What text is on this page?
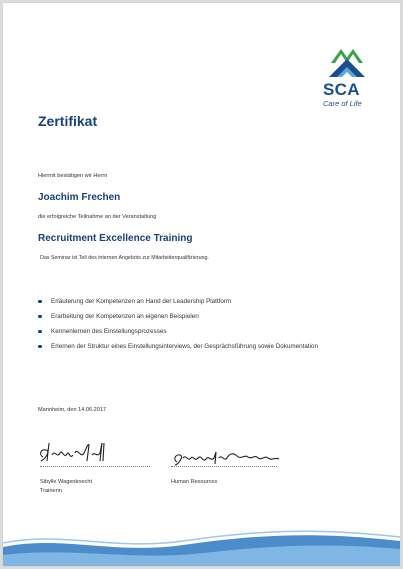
SCA
Care of Life
Zertifikat
Hiermit bestätigen wir Herrn
Joachim Frechen
die erfolgreiche Teilnahme an der Veranstaltung
Recruitment Excellence Training
Das Seminar ist Teil des internen Angebots zur Mitarbeiterqualifizierung.
Erläuterung der Kompetenzen an Hand der Leadership Plattform
Erarbeitung der Kompetenzen an eigenen Beispielen
Kennenlernen des Einstellungsprozesses
Erlernen der Struktur eines Einstellungsinterviews, der Gesprächsführung sowie Dokumentation
Mannheim, den 14.06.2017
Sibylle Wagenknecht
Trainerin
Human Resources
